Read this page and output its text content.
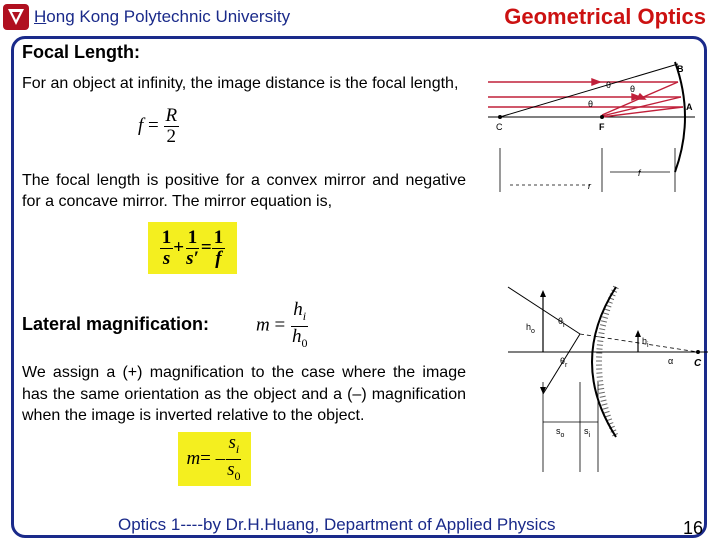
Hong Kong Polytechnic University	Geometrical Optics
Focal Length:
For an object at infinity, the image distance is the focal length,
$f = \frac{R}{2}$
The focal length is positive for a convex mirror and negative for a concave mirror. The mirror equation is,
$\frac{1}{s} + \frac{1}{s'} = \frac{1}{f}$
Lateral magnification: $m = \frac{h_i}{h_0}$
We assign a (+) magnification to the case where the image has the same orientation as the object and a (–) magnification when the image is inverted relative to the object.
m = – $\frac{s_i}{s_0}$
B
A
C	F
θ θ
θ
r
f
$h_o$
$h_i$
$\theta_i$
$\theta_r$	α C
$s_o$ $s_i$
Optics 1----by Dr.H.Huang, Department of Applied Physics	16
